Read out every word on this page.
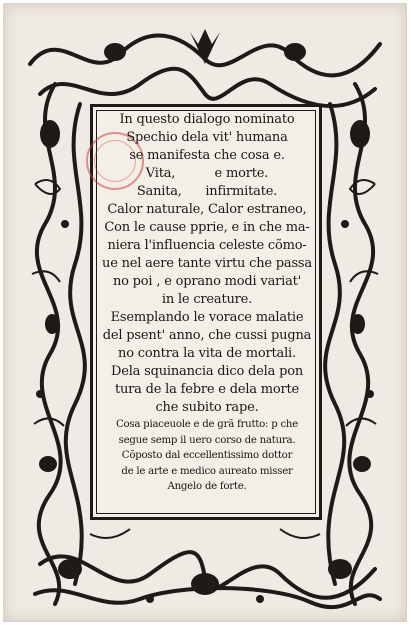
In questo dialogo nominato
Spechio dela vit' humana
se manifesta che cosa e.
Vita,          e morte.
Sanita,      infirmitate.
Calor naturale, Calor estraneo,
Con le cause pprie, e in che ma-
niera l'influencia celeste cõmo-
ue nel aere tante virtu che passa
no poi , e oprano modi variat'
in le creature.
Esemplando le vorace malatie
del psent' anno, che cussi pugna
no contra la vita de mortali.
Dela squinancia dico dela pon
tura de la febre e dela morte
che subito rape.
Cosa piaceuole e de grã frutto: p che
segue semp il uero corso de natura.
Cõposto dal eccellentissimo dottor
de le arte e medico aureato misser
Angelo de forte.
